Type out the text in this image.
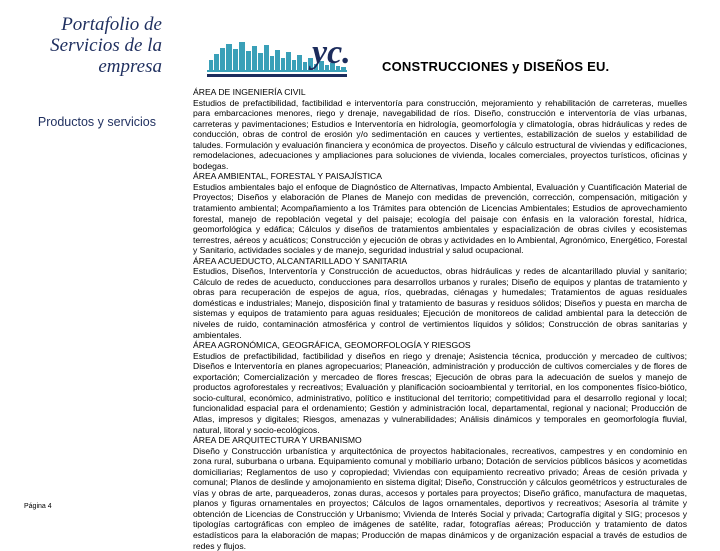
Portafolio de Servicios de la empresa
Productos y servicios
Página 4
yc. CONSTRUCCIONES y DISEÑOS EU.
ÁREA DE INGENIERÍA CIVIL

Estudios de prefactibilidad, factibilidad e interventoría para construcción, mejoramiento y rehabilitación de carreteras, muelles para embarcaciones menores, riego y drenaje, navegabilidad de ríos. Diseño, construcción e interventoría de vías urbanas, carreteras y pavimentaciones; Estudios e Interventoría en hidrología, geomorfología y climatología, obras hidráulicas y redes de conducción, obras de control de erosión y/o sedimentación en cauces y vertientes, estabilización de suelos y estabilidad de taludes. Formulación y evaluación financiera y económica de proyectos. Diseño y cálculo estructural de viviendas y edificaciones, remodelaciones, adecuaciones y ampliaciones para soluciones de vivienda, locales comerciales, proyectos turísticos, oficinas y bodegas.

ÁREA AMBIENTAL, FORESTAL Y PAISAJÍSTICA

Estudios ambientales bajo el enfoque de Diagnóstico de Alternativas, Impacto Ambiental, Evaluación y Cuantificación Material de Proyectos; Diseños y elaboración de Planes de Manejo con medidas de prevención, corrección, compensación, mitigación y tratamiento ambiental; Acompañamiento a los Trámites para obtención de Licencias Ambientales; Estudios de aprovechamiento forestal, manejo de repoblación vegetal y del paisaje; ecología del paisaje con énfasis en la valoración forestal, hídrica, geomorfológica y edáfica; Cálculos y diseños de tratamientos ambientales y espacialización de obras civiles y ecosistemas terrestres, aéreos y acuáticos; Construcción y ejecución de obras y actividades en lo Ambiental, Agronómico, Energético, Forestal y Sanitario, actividades sociales y de manejo, seguridad industrial y salud ocupacional.

ÁREA ACUEDUCTO, ALCANTARILLADO Y SANITARIA

Estudios, Diseños, Interventoría y Construcción de acueductos, obras hidráulicas y redes de alcantarillado pluvial y sanitario; Cálculo de redes de acueducto, conducciones para desarrollos urbanos y rurales; Diseño de equipos y plantas de tratamiento y obras para recuperación de espejos de agua, ríos, quebradas, ciénagas y humedales; Tratamientos de aguas residuales domésticas e industriales; Manejo, disposición final y tratamiento de basuras y residuos sólidos; Diseños y puesta en marcha de sistemas y equipos de tratamiento para aguas residuales; Ejecución de monitoreos de calidad ambiental para la detección de niveles de ruido, contaminación atmosférica y control de vertimientos líquidos y sólidos; Construcción de obras sanitarias y ambientales.

ÁREA AGRONÓMICA, GEOGRÁFICA, GEOMORFOLOGÍA Y RIESGOS

Estudios de prefactibilidad, factibilidad y diseños en riego y drenaje; Asistencia técnica, producción y mercadeo de cultivos; Diseños e Interventoría en planes agropecuarios; Planeación, administración y producción de cultivos comerciales y de flores de exportación; Comercialización y mercadeo de flores frescas; Ejecución de obras para la adecuación de suelos y manejo de productos agroforestales y recreativos; Evaluación y planificación socioambiental y territorial, en los componentes físico-biótico, socio-cultural, económico, administrativo, político e institucional del territorio; competitividad para el desarrollo regional y local; funcionalidad espacial para el ordenamiento; Gestión y administración local, departamental, regional y nacional; Producción de Atlas, impresos y digitales; Riesgos, amenazas y vulnerabilidades; Análisis dinámicos y temporales en geomorfología fluvial, natural, litoral y socio-ecológicos.

ÁREA DE ARQUITECTURA Y URBANISMO

Diseño y Construcción urbanística y arquitectónica de proyectos habitacionales, recreativos, campestres y en condominio en zona rural, suburbana o urbana. Equipamiento comunal y mobiliario urbano; Dotación de servicios públicos básicos y acometidas domiciliarias; Reglamentos de uso y copropiedad; Viviendas con equipamiento recreativo privado; Áreas de cesión privada y comunal; Planos de deslinde y amojonamiento en sistema digital; Diseño, Construcción y cálculos geométricos y estructurales de vías y obras de arte, parqueaderos, zonas duras, accesos y portales para proyectos; Diseño gráfico, manufactura de maquetas, planos y figuras ornamentales en proyectos; Cálculos de lagos ornamentales, deportivos y recreativos; Asesoría al trámite y obtención de Licencias de Construcción y Urbanismo; Vivienda de Interés Social y privada; Cartografía digital y SIG; procesos y tipologías cartográficas con empleo de imágenes de satélite, radar, fotografías aéreas; Producción y tratamiento de datos estadísticos para la elaboración de mapas; Producción de mapas dinámicos y de organización espacial a través de estudios de redes y flujos.
